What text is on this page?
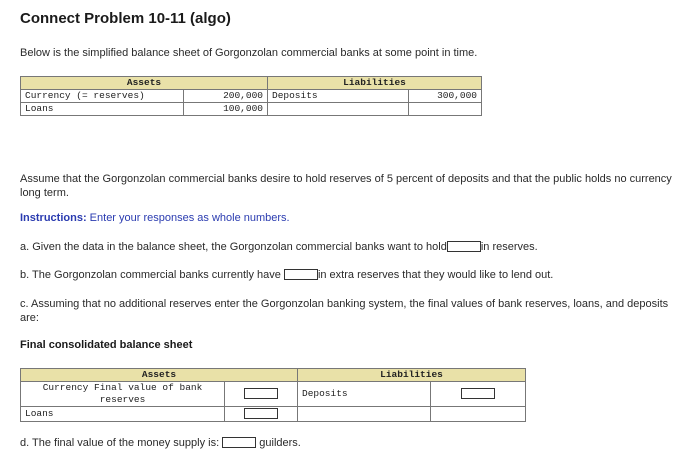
Connect Problem 10-11 (algo)
Below is the simplified balance sheet of Gorgonzolan commercial banks at some point in time.
Assets		Liabilities	
Currency (= reserves)	200,000	Deposits	300,000
Loans	100,000		
Assume that the Gorgonzolan commercial banks desire to hold reserves of 5 percent of deposits and that the public holds no currency long term.
Instructions: Enter your responses as whole numbers.
a. Given the data in the balance sheet, the Gorgonzolan commercial banks want to hold	in reserves.
b. The Gorgonzolan commercial banks currently have	in extra reserves that they would like to lend out.
c. Assuming that no additional reserves enter the Gorgonzolan banking system, the final values of bank reserves, loans, and deposits are:
Final consolidated balance sheet
Assets		Liabilities	
Currency Final value of bank reserves		Deposits	
Loans			
d. The final value of the money supply is:	guilders.
